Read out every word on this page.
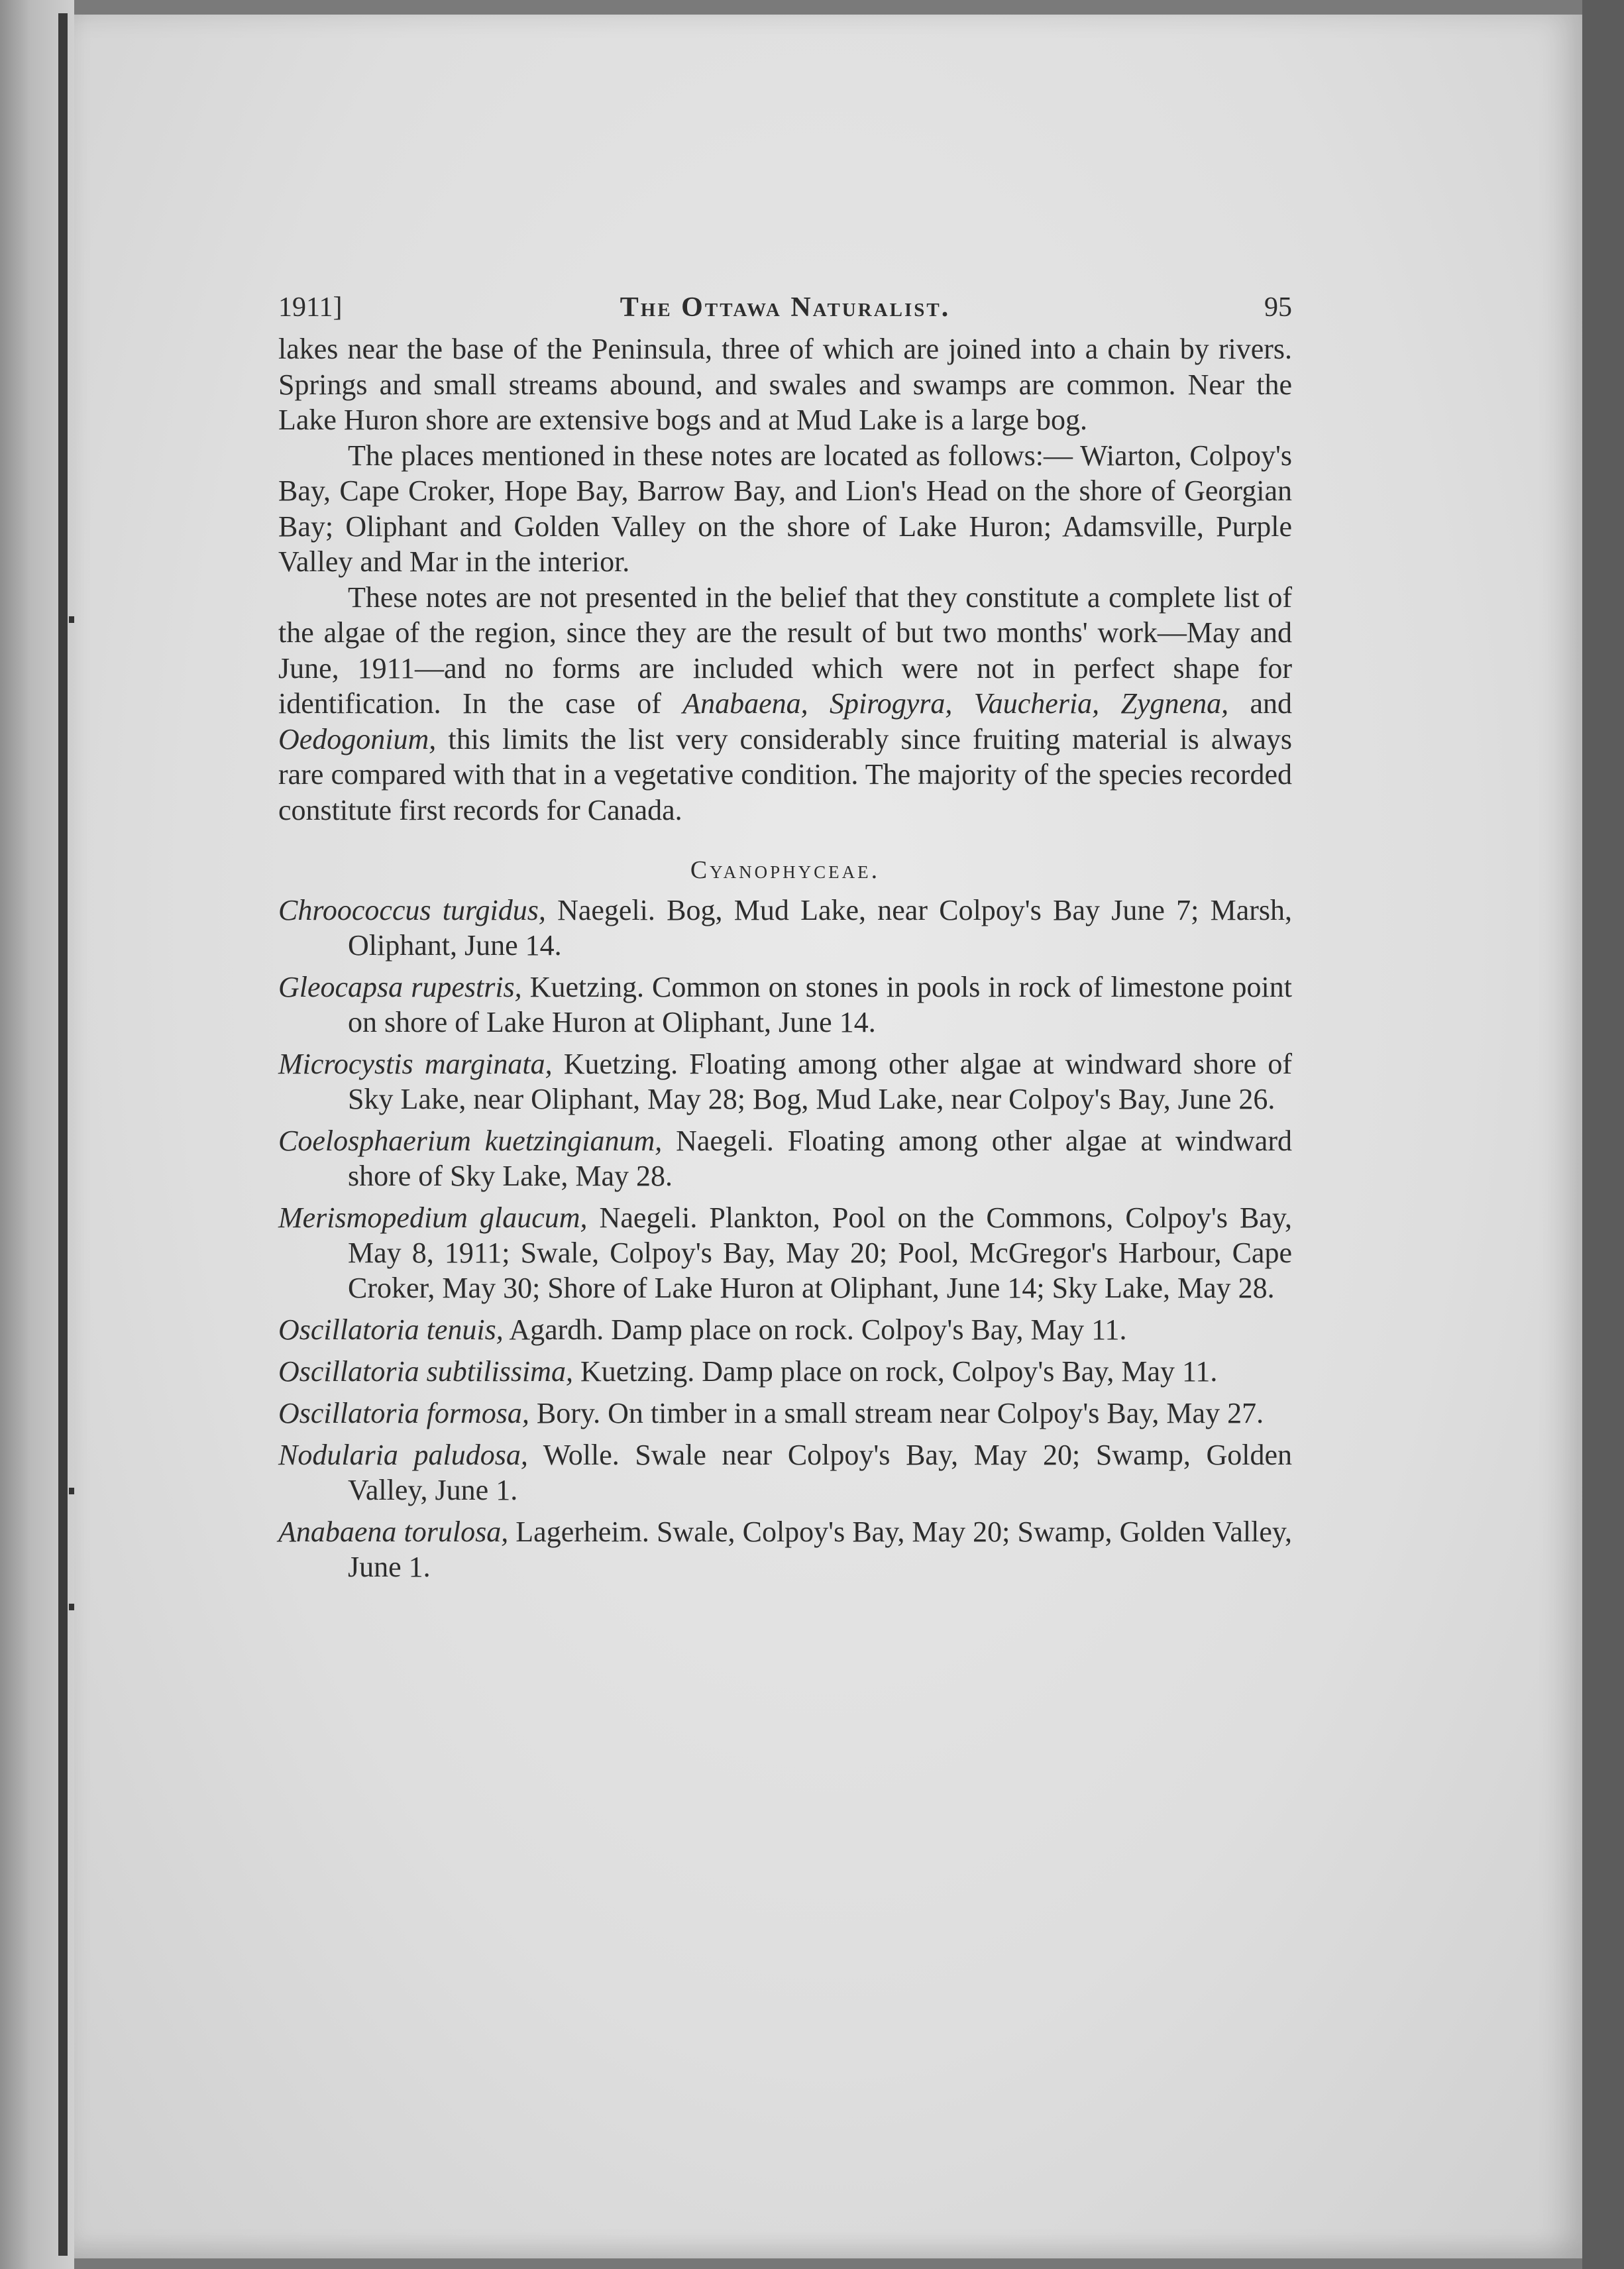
1911]	The Ottawa Naturalist.	95

lakes near the base of the Peninsula, three of which are joined into a chain by rivers. Springs and small streams abound, and swales and swamps are common. Near the Lake Huron shore are extensive bogs and at Mud Lake is a large bog.

The places mentioned in these notes are located as follows:— Wiarton, Colpoy's Bay, Cape Croker, Hope Bay, Barrow Bay, and Lion's Head on the shore of Georgian Bay; Oliphant and Golden Valley on the shore of Lake Huron; Adamsville, Purple Valley and Mar in the interior.

These notes are not presented in the belief that they constitute a complete list of the algae of the region, since they are the result of but two months' work—May and June, 1911—and no forms are included which were not in perfect shape for identification. In the case of Anabaena, Spirogyra, Vaucheria, Zygnena, and Oedogonium, this limits the list very considerably since fruiting material is always rare compared with that in a vegetative condition. The majority of the species recorded constitute first records for Canada.

Cyanophyceae.

Chroococcus turgidus, Naegeli. Bog, Mud Lake, near Colpoy's Bay June 7; Marsh, Oliphant, June 14.

Gleocapsa rupestris, Kuetzing. Common on stones in pools in rock of limestone point on shore of Lake Huron at Oliphant, June 14.

Microcystis marginata, Kuetzing. Floating among other algae at windward shore of Sky Lake, near Oliphant, May 28; Bog, Mud Lake, near Colpoy's Bay, June 26.

Coelosphaerium kuetzingianum, Naegeli. Floating among other algae at windward shore of Sky Lake, May 28.

Merismopedium glaucum, Naegeli. Plankton, Pool on the Commons, Colpoy's Bay, May 8, 1911; Swale, Colpoy's Bay, May 20; Pool, McGregor's Harbour, Cape Croker, May 30; Shore of Lake Huron at Oliphant, June 14; Sky Lake, May 28.

Oscillatoria tenuis, Agardh. Damp place on rock. Colpoy's Bay, May 11.

Oscillatoria subtilissima, Kuetzing. Damp place on rock, Colpoy's Bay, May 11.

Oscillatoria formosa, Bory. On timber in a small stream near Colpoy's Bay, May 27.

Nodularia paludosa, Wolle. Swale near Colpoy's Bay, May 20; Swamp, Golden Valley, June 1.

Anabaena torulosa, Lagerheim. Swale, Colpoy's Bay, May 20; Swamp, Golden Valley, June 1.
